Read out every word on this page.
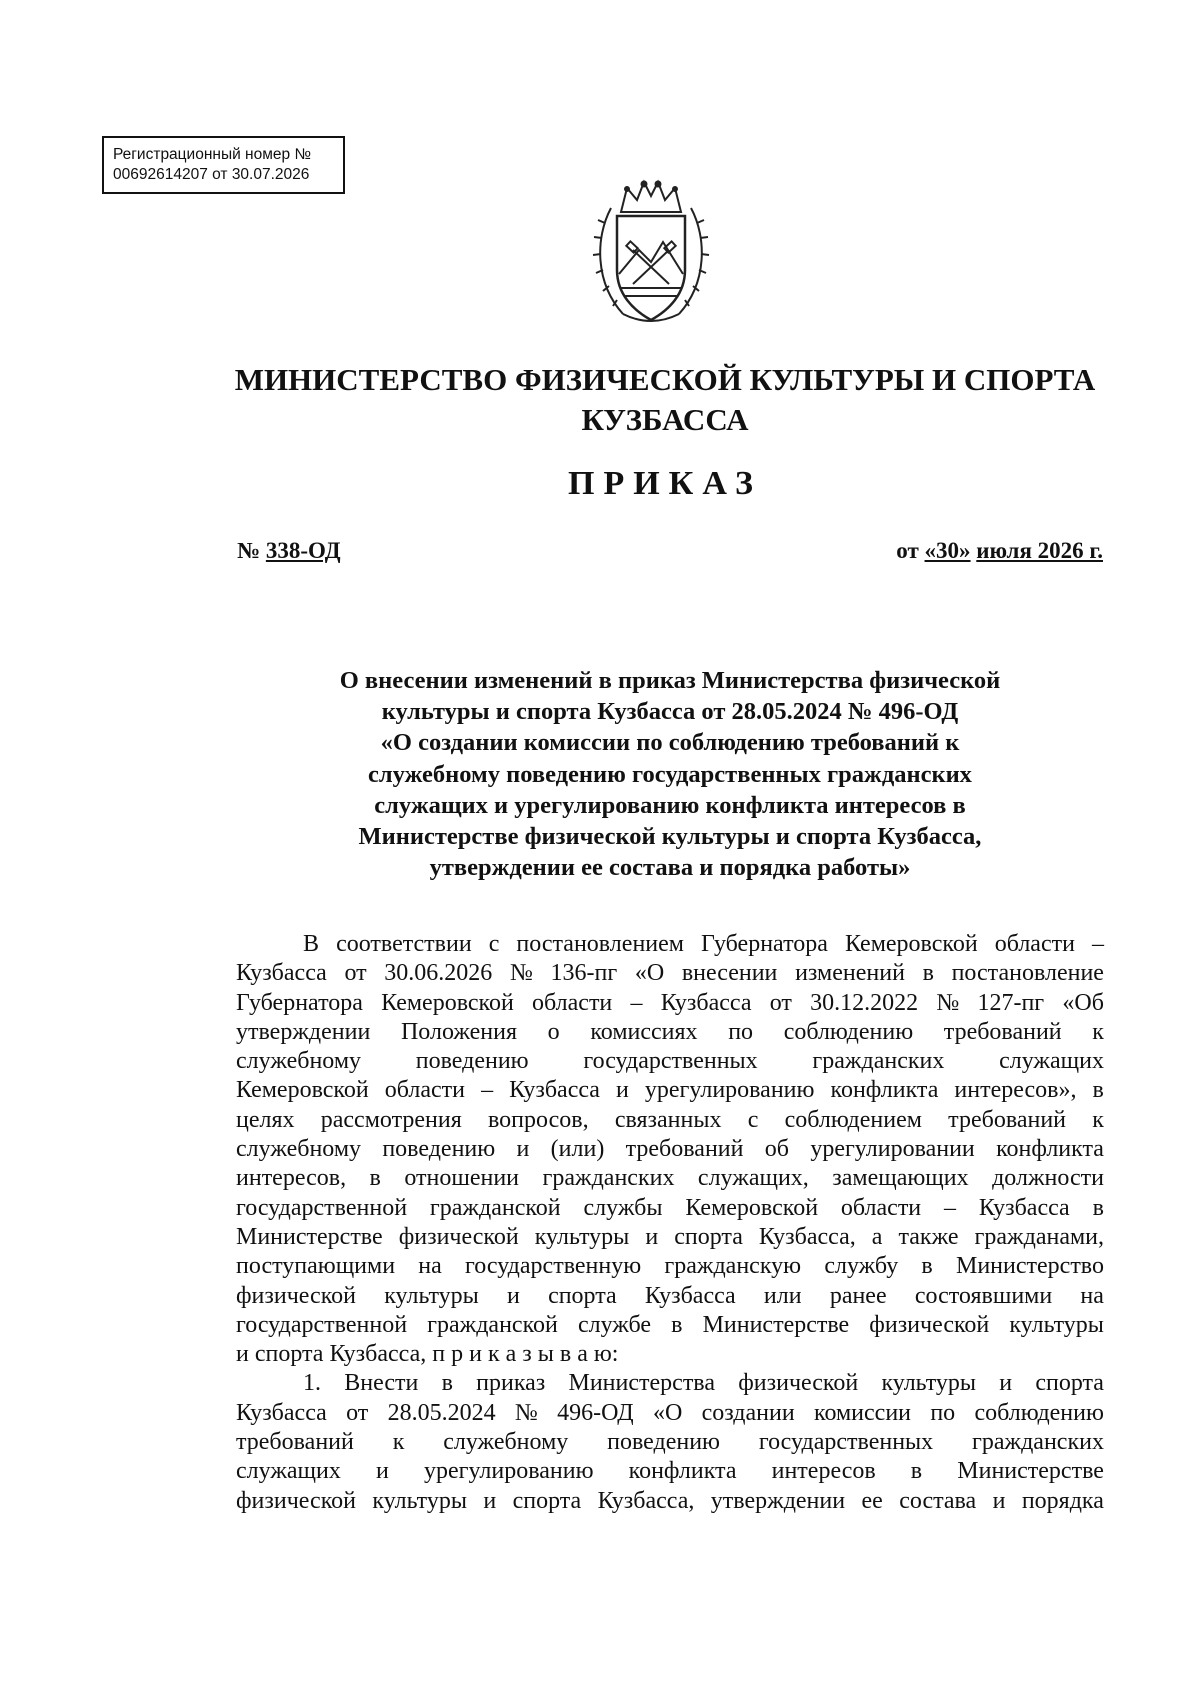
Регистрационный номер №
00692614207 от 30.07.2026
МИНИСТЕРСТВО ФИЗИЧЕСКОЙ КУЛЬТУРЫ И СПОРТА
КУЗБАССА
ПРИКАЗ
№ 338-ОД	от «30» июля 2026 г.
О внесении изменений в приказ Министерства физической
культуры и спорта Кузбасса от 28.05.2024 № 496-ОД
«О создании комиссии по соблюдению требований к
служебному поведению государственных гражданских
служащих и урегулированию конфликта интересов в
Министерстве физической культуры и спорта Кузбасса,
утверждении ее состава и порядка работы»
В соответствии с постановлением Губернатора Кемеровской области –
Кузбасса от 30.06.2026 № 136-пг «О внесении изменений в постановление
Губернатора Кемеровской области – Кузбасса от 30.12.2022 № 127-пг «Об
утверждении Положения о комиссиях по соблюдению требований к
служебному поведению государственных гражданских служащих
Кемеровской области – Кузбасса и урегулированию конфликта интересов», в
целях рассмотрения вопросов, связанных с соблюдением требований к
служебному поведению и (или) требований об урегулировании конфликта
интересов, в отношении гражданских служащих, замещающих должности
государственной гражданской службы Кемеровской области – Кузбасса в
Министерстве физической культуры и спорта Кузбасса, а также гражданами,
поступающими на государственную гражданскую службу в Министерство
физической культуры и спорта Кузбасса или ранее состоявшими на
государственной гражданской службе в Министерстве физической культуры
и спорта Кузбасса, п р и к а з ы в а ю:
1. Внести в приказ Министерства физической культуры и спорта
Кузбасса от 28.05.2024 № 496-ОД «О создании комиссии по соблюдению
требований к служебному поведению государственных гражданских
служащих и урегулированию конфликта интересов в Министерстве
физической культуры и спорта Кузбасса, утверждении ее состава и порядка
